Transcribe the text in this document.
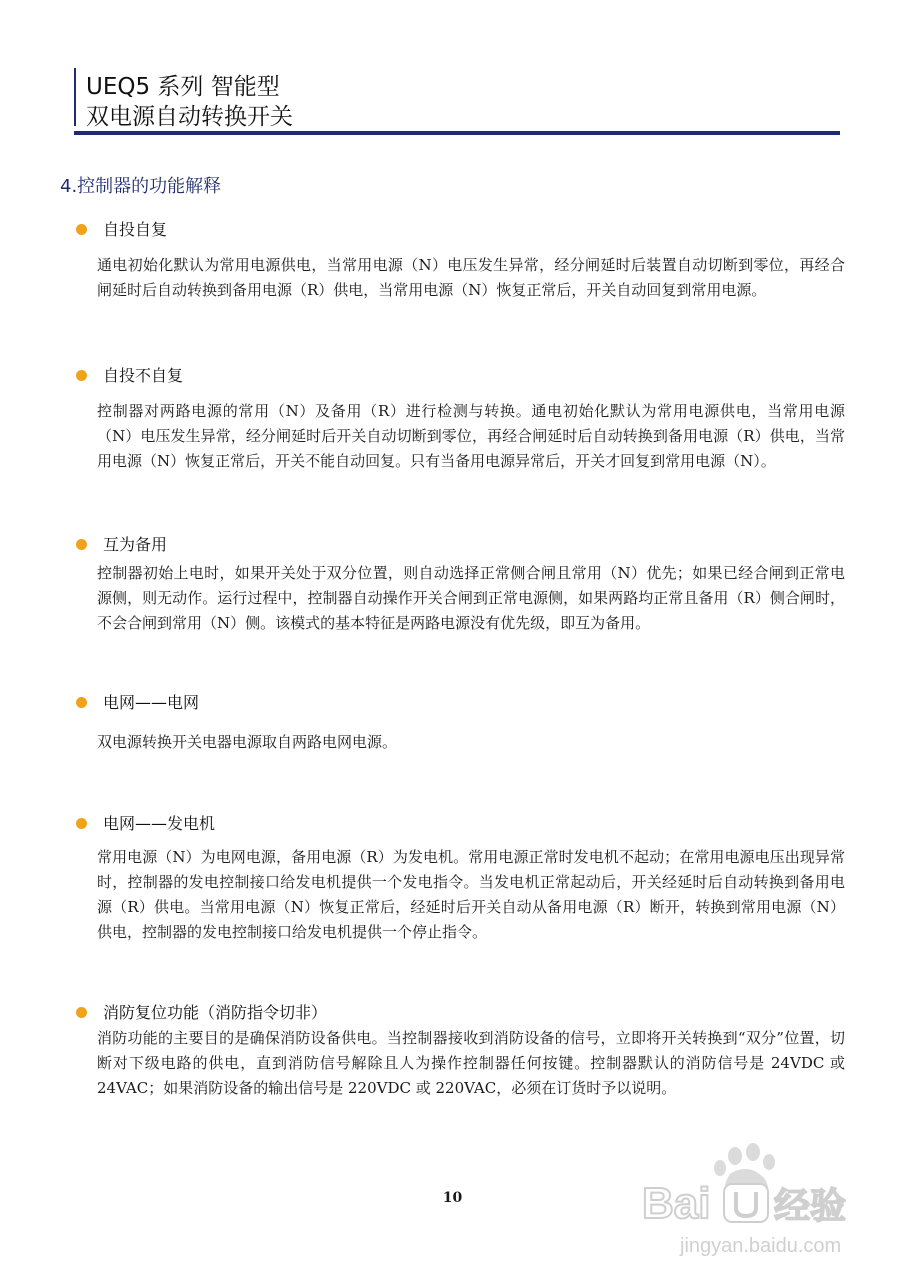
UEQ5 系列 智能型
双电源自动转换开关
4.控制器的功能解释
自投自复
通电初始化默认为常用电源供电，当常用电源（N）电压发生异常，经分闸延时后装置自动切断到零位，再经合闸延时后自动转换到备用电源（R）供电，当常用电源（N）恢复正常后，开关自动回复到常用电源。
自投不自复
控制器对两路电源的常用（N）及备用（R）进行检测与转换。通电初始化默认为常用电源供电，当常用电源（N）电压发生异常，经分闸延时后开关自动切断到零位，再经合闸延时后自动转换到备用电源（R）供电，当常用电源（N）恢复正常后，开关不能自动回复。只有当备用电源异常后，开关才回复到常用电源（N）。
互为备用
控制器初始上电时，如果开关处于双分位置，则自动选择正常侧合闸且常用（N）优先；如果已经合闸到正常电源侧，则无动作。运行过程中，控制器自动操作开关合闸到正常电源侧，如果两路均正常且备用（R）侧合闸时，不会合闸到常用（N）侧。该模式的基本特征是两路电源没有优先级，即互为备用。
电网——电网
双电源转换开关电器电源取自两路电网电源。
电网——发电机
常用电源（N）为电网电源，备用电源（R）为发电机。常用电源正常时发电机不起动；在常用电源电压出现异常时，控制器的发电控制接口给发电机提供一个发电指令。当发电机正常起动后，开关经延时后自动转换到备用电源（R）供电。当常用电源（N）恢复正常后，经延时后开关自动从备用电源（R）断开，转换到常用电源（N）供电，控制器的发电控制接口给发电机提供一个停止指令。
消防复位功能（消防指令切非）
消防功能的主要目的是确保消防设备供电。当控制器接收到消防设备的信号，立即将开关转换到“双分”位置，切断对下级电路的供电，直到消防信号解除且人为操作控制器任何按键。控制器默认的消防信号是 24VDC 或 24VAC；如果消防设备的输出信号是 220VDC 或 220VAC，必须在订货时予以说明。
10	Bai 经验
jingyan.baidu.com
